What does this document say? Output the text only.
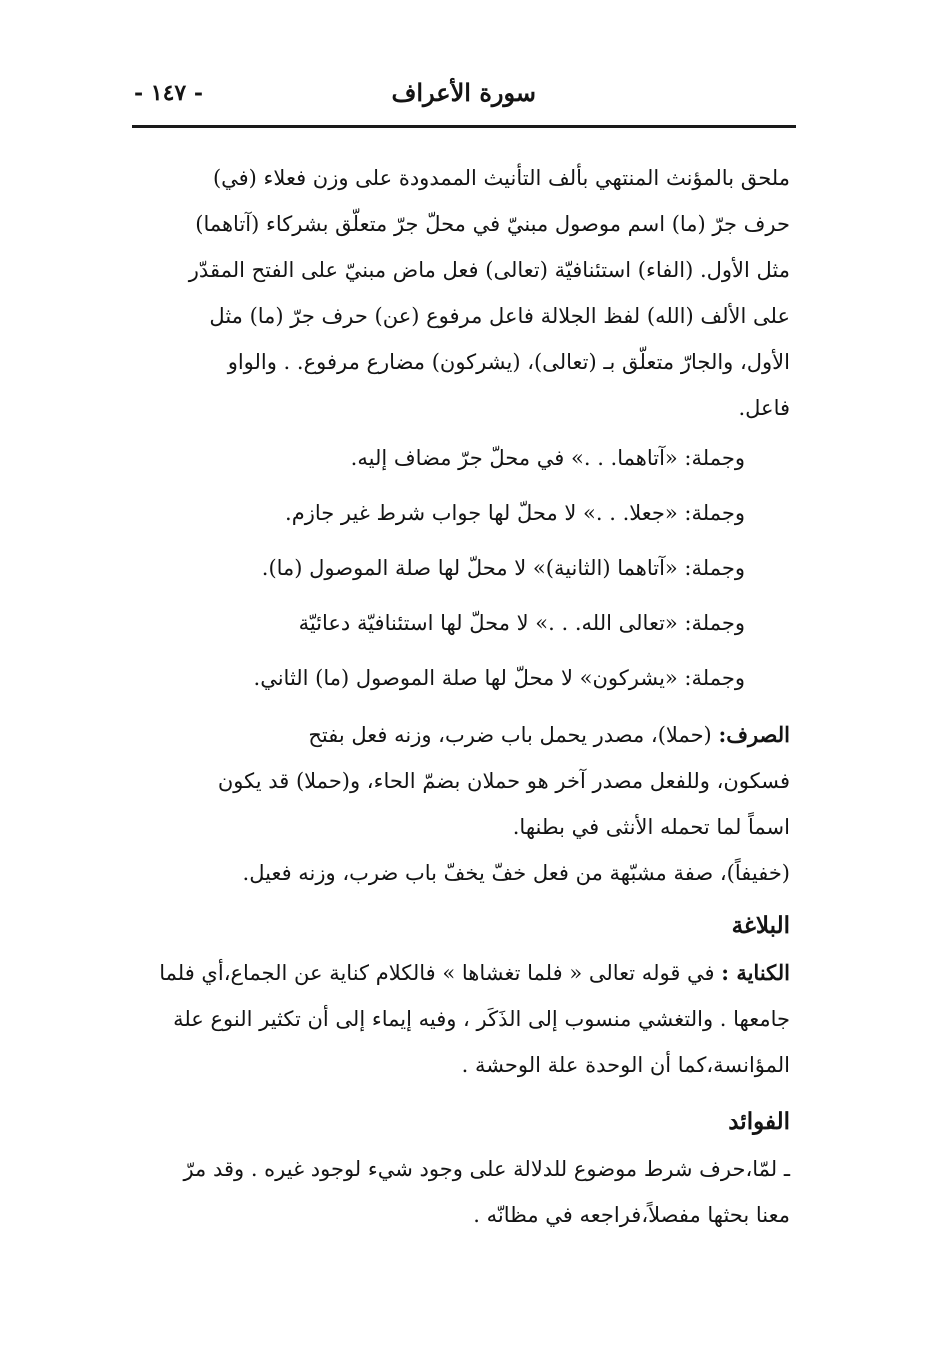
سورة الأعراف
- ١٤٧ -

ملحق بالمؤنث المنتهي بألف التأنيث الممدودة على وزن فعلاء (في)

حرف جرّ (ما) اسم موصول مبنيّ في محلّ جرّ متعلّق بشركاء (آتاهما)

مثل الأول. (الفاء) استئنافيّة (تعالى) فعل ماض مبنيّ على الفتح المقدّر

على الألف (الله) لفظ الجلالة فاعل مرفوع (عن) حرف جرّ (ما) مثل

الأول، والجارّ متعلّق بـ (تعالى)، (يشركون) مضارع مرفوع. . والواو

فاعل.

وجملة: «آتاهما. . .» في محلّ جرّ مضاف إليه.

وجملة: «جعلا. . .» لا محلّ لها جواب شرط غير جازم.

وجملة: «آتاهما (الثانية)» لا محلّ لها صلة الموصول (ما).

وجملة: «تعالى الله. . .» لا محلّ لها استئنافيّة دعائيّة

وجملة: «يشركون» لا محلّ لها صلة الموصول (ما) الثاني.

الصرف: (حملا)، مصدر يحمل باب ضرب، وزنه فعل بفتح

فسكون، وللفعل مصدر آخر هو حملان بضمّ الحاء، و(حملا) قد يكون

اسماً لما تحمله الأنثى في بطنها.

(خفيفاً)، صفة مشبّهة من فعل خفّ يخفّ باب ضرب، وزنه فعيل.

البلاغة

الكناية : في قوله تعالى « فلما تغشاها » فالكلام كناية عن الجماع،أي فلما

جامعها . والتغشي منسوب إلى الذَكَر ، وفيه إيماء إلى أن تكثير النوع علة

المؤانسة،كما أن الوحدة علة الوحشة .

الفوائد

ـ لمّا،حرف شرط موضوع للدلالة على وجود شيء لوجود غيره . وقد مرّ

معنا بحثها مفصلاً،فراجعه في مظانّه .
